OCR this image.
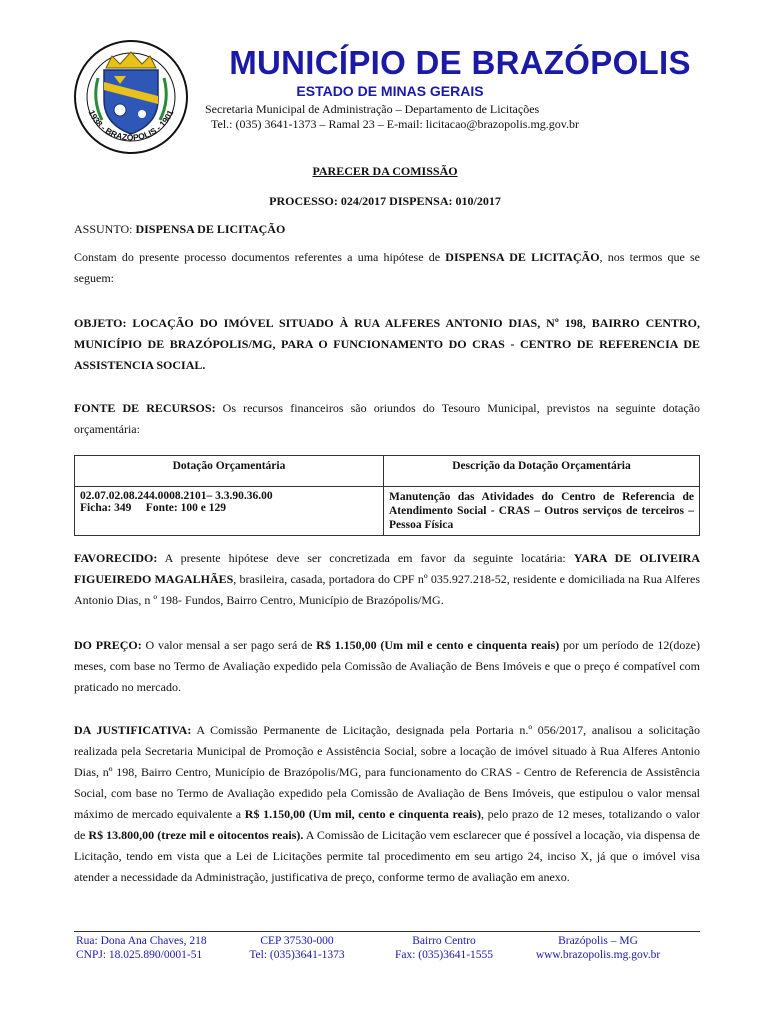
1938 - BRAZÓPOLIS - 1901
MUNICÍPIO DE BRAZÓPOLIS
ESTADO DE MINAS GERAIS
Secretaria Municipal de Administração – Departamento de Licitações
Tel.: (035) 3641-1373 – Ramal 23 – E-mail: licitacao@brazopolis.mg.gov.br
PARECER DA COMISSÃO
PROCESSO: 024/2017 DISPENSA: 010/2017
ASSUNTO: DISPENSA DE LICITAÇÃO
Constam do presente processo documentos referentes a uma hipótese de DISPENSA DE LICITAÇÃO, nos termos que se seguem:
OBJETO: LOCAÇÃO DO IMÓVEL SITUADO À RUA ALFERES ANTONIO DIAS, Nº 198, BAIRRO CENTRO, MUNICÍPIO DE BRAZÓPOLIS/MG, PARA O FUNCIONAMENTO DO CRAS - CENTRO DE REFERENCIA DE ASSISTENCIA SOCIAL.
FONTE DE RECURSOS: Os recursos financeiros são oriundos do Tesouro Municipal, previstos na seguinte dotação orçamentária:
Dotação Orçamentária	Descrição da Dotação Orçamentária

02.07.02.08.244.0008.2101– 3.3.90.36.00
Ficha: 349     Fonte: 100 e 129	Manutenção das Atividades do Centro de Referencia de Atendimento Social - CRAS – Outros serviços de terceiros – Pessoa Física
FAVORECIDO: A presente hipótese deve ser concretizada em favor da seguinte locatária: YARA DE OLIVEIRA FIGUEIREDO MAGALHÃES, brasileira, casada, portadora do CPF nº 035.927.218-52, residente e domiciliada na Rua Alferes Antonio Dias, n º 198- Fundos, Bairro Centro, Município de Brazópolis/MG.
DO PREÇO: O valor mensal a ser pago será de R$ 1.150,00 (Um mil e cento e cinquenta reais) por um período de 12(doze) meses, com base no Termo de Avaliação expedido pela Comissão de Avaliação de Bens Imóveis e que o preço é compatível com praticado no mercado.
DA JUSTIFICATIVA: A Comissão Permanente de Licitação, designada pela Portaria n.º 056/2017, analisou a solicitação realizada pela Secretaria Municipal de Promoção e Assistência Social, sobre a locação de imóvel situado à Rua Alferes Antonio Dias, nº 198, Bairro Centro, Município de Brazópolis/MG, para funcionamento do CRAS - Centro de Referencia de Assistência Social, com base no Termo de Avaliação expedido pela Comissão de Avaliação de Bens Imóveis, que estipulou o valor mensal máximo de mercado equivalente a R$ 1.150,00 (Um mil, cento e cinquenta reais), pelo prazo de 12 meses, totalizando o valor de R$ 13.800,00 (treze mil e oitocentos reais). A Comissão de Licitação vem esclarecer que é possível a locação, via dispensa de Licitação, tendo em vista que a Lei de Licitações permite tal procedimento em seu artigo 24, inciso X, já que o imóvel visa atender a necessidade da Administração, justificativa de preço, conforme termo de avaliação em anexo.
Rua: Dona Ana Chaves, 218
CNPJ: 18.025.890/0001-51
CEP 37530-000
Tel: (035)3641-1373
Bairro Centro
Fax: (035)3641-1555
Brazópolis – MG
www.brazopolis.mg.gov.br
